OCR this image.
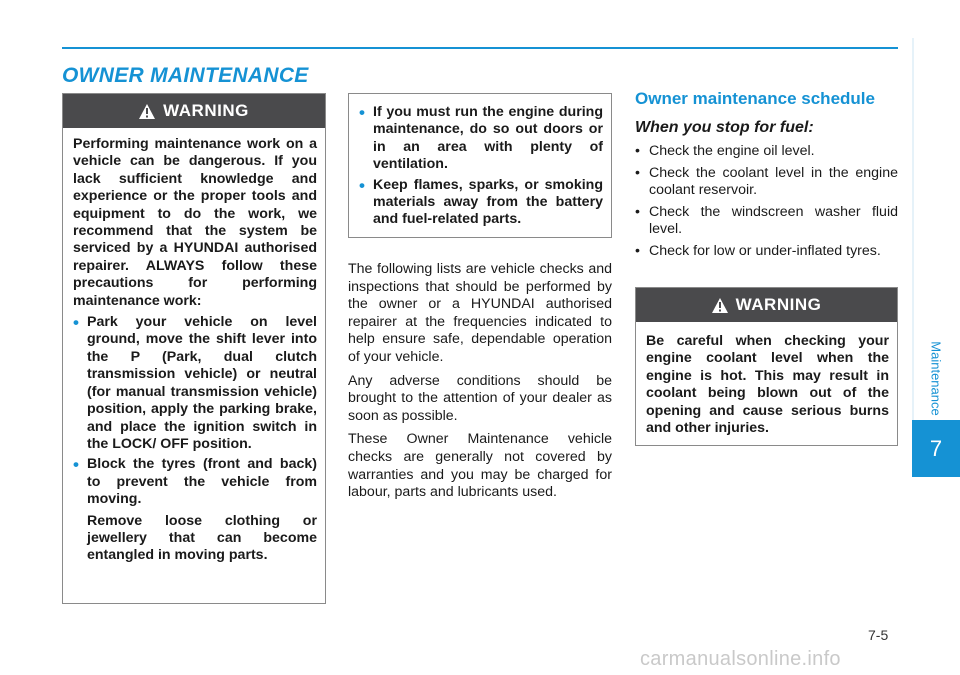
OWNER MAINTENANCE
WARNING

Performing maintenance work on a vehicle can be dangerous. If you lack sufficient knowledge and experience or the proper tools and equipment to do the work, we recommend that the system be serviced by a HYUNDAI authorised repairer. ALWAYS follow these precautions for performing maintenance work:

• Park your vehicle on level ground, move the shift lever into the P (Park, dual clutch transmission vehicle) or neutral (for manual transmission vehicle) position, apply the parking brake, and place the ignition switch in the LOCK/ OFF position.
• Block the tyres (front and back) to prevent the vehicle from moving.
Remove loose clothing or jewellery that can become entangled in moving parts.
• If you must run the engine during maintenance, do so out doors or in an area with plenty of ventilation.
• Keep flames, sparks, or smoking materials away from the battery and fuel-related parts.

The following lists are vehicle checks and inspections that should be performed by the owner or a HYUNDAI authorised repairer at the frequencies indicated to help ensure safe, dependable operation of your vehicle.

Any adverse conditions should be brought to the attention of your dealer as soon as possible.

These Owner Maintenance vehicle checks are generally not covered by warranties and you may be charged for labour, parts and lubricants used.

Owner maintenance schedule
When you stop for fuel:
• Check the engine oil level.
• Check the coolant level in the engine coolant reservoir.
• Check the windscreen washer fluid level.
• Check for low or under-inflated tyres.
WARNING

Be careful when checking your engine coolant level when the engine is hot. This may result in coolant being blown out of the opening and cause serious burns and other injuries.

Maintenance
7
7-5
carmanualsonline.info
